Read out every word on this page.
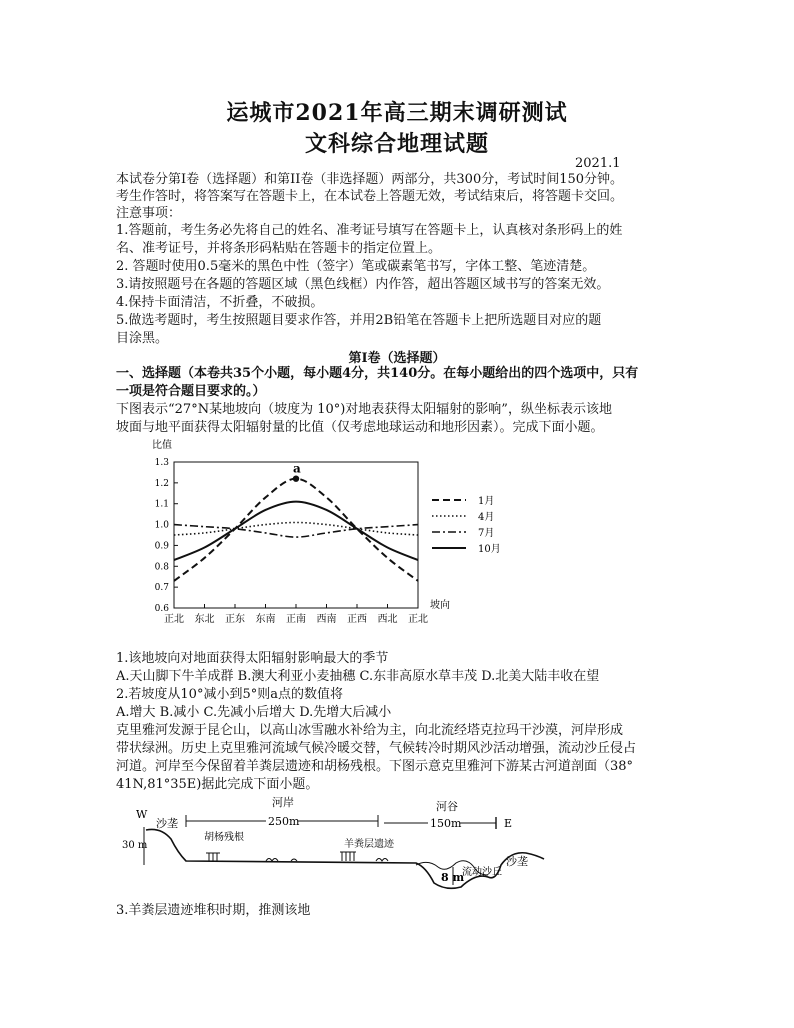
运城市2021年高三期末调研测试
文科综合地理试题
2021.1
本试卷分第I卷（选择题）和第II卷（非选择题）两部分，共300分，考试时间150分钟。
考生作答时，将答案写在答题卡上，在本试卷上答题无效，考试结束后，将答题卡交回。
注意事项：
1.答题前，考生务必先将自己的姓名、准考证号填写在答题卡上，认真核对条形码上的姓
名、准考证号，并将条形码粘贴在答题卡的指定位置上。
2. 答题时使用0.5毫米的黑色中性（签字）笔或碳素笔书写，字体工整、笔迹清楚。
3.请按照题号在各题的答题区域（黑色线框）内作答，超出答题区域书写的答案无效。
4.保持卡面清洁，不折叠，不破损。
5.做选考题时，考生按照题目要求作答，并用2B铅笔在答题卡上把所选题目对应的题
目涂黑。
第I卷（选择题）
一、选择题（本卷共35个小题，每小题4分，共140分。在每小题给出的四个选项中，只有
一项是符合题目要求的。）
下图表示“27°N某地坡向（坡度为 10°)对地表获得太阳辐射的影响”，纵坐标表示该地
坡面与地平面获得太阳辐射量的比值（仅考虑地球运动和地形因素）。完成下面小题。
比值
0.6
0.7
0.8
0.9
1.0
1.1
1.2
1.3
正北 东北 正东 东南 正南 西南 正西 西北 正北
a
1月
4月
7月
10月
坡向
1.该地坡向对地面获得太阳辐射影响最大的季节
A.天山脚下牛羊成群 B.澳大利亚小麦抽穗 C.东非高原水草丰茂 D.北美大陆丰收在望
2.若坡度从10°减小到5°则a点的数值将
A.增大 B.减小 C.先减小后增大 D.先增大后减小
克里雅河发源于昆仑山，以高山冰雪融水补给为主，向北流经塔克拉玛干沙漠，河岸形成
带状绿洲。历史上克里雅河流域气候冷暖交替，气候转冷时期风沙活动增强，流动沙丘侵占
河道。河岸至今保留着羊粪层遗迹和胡杨残根。下图示意克里雅河下游某古河道剖面（38°
41N,81°35E)据此完成下面小题。
W
沙垄
河岸
250m
河谷
150m	E
30 m
胡杨残根
羊粪层遗迹
8 m
流动沙丘
沙垄
3.羊粪层遗迹堆积时期，推测该地
